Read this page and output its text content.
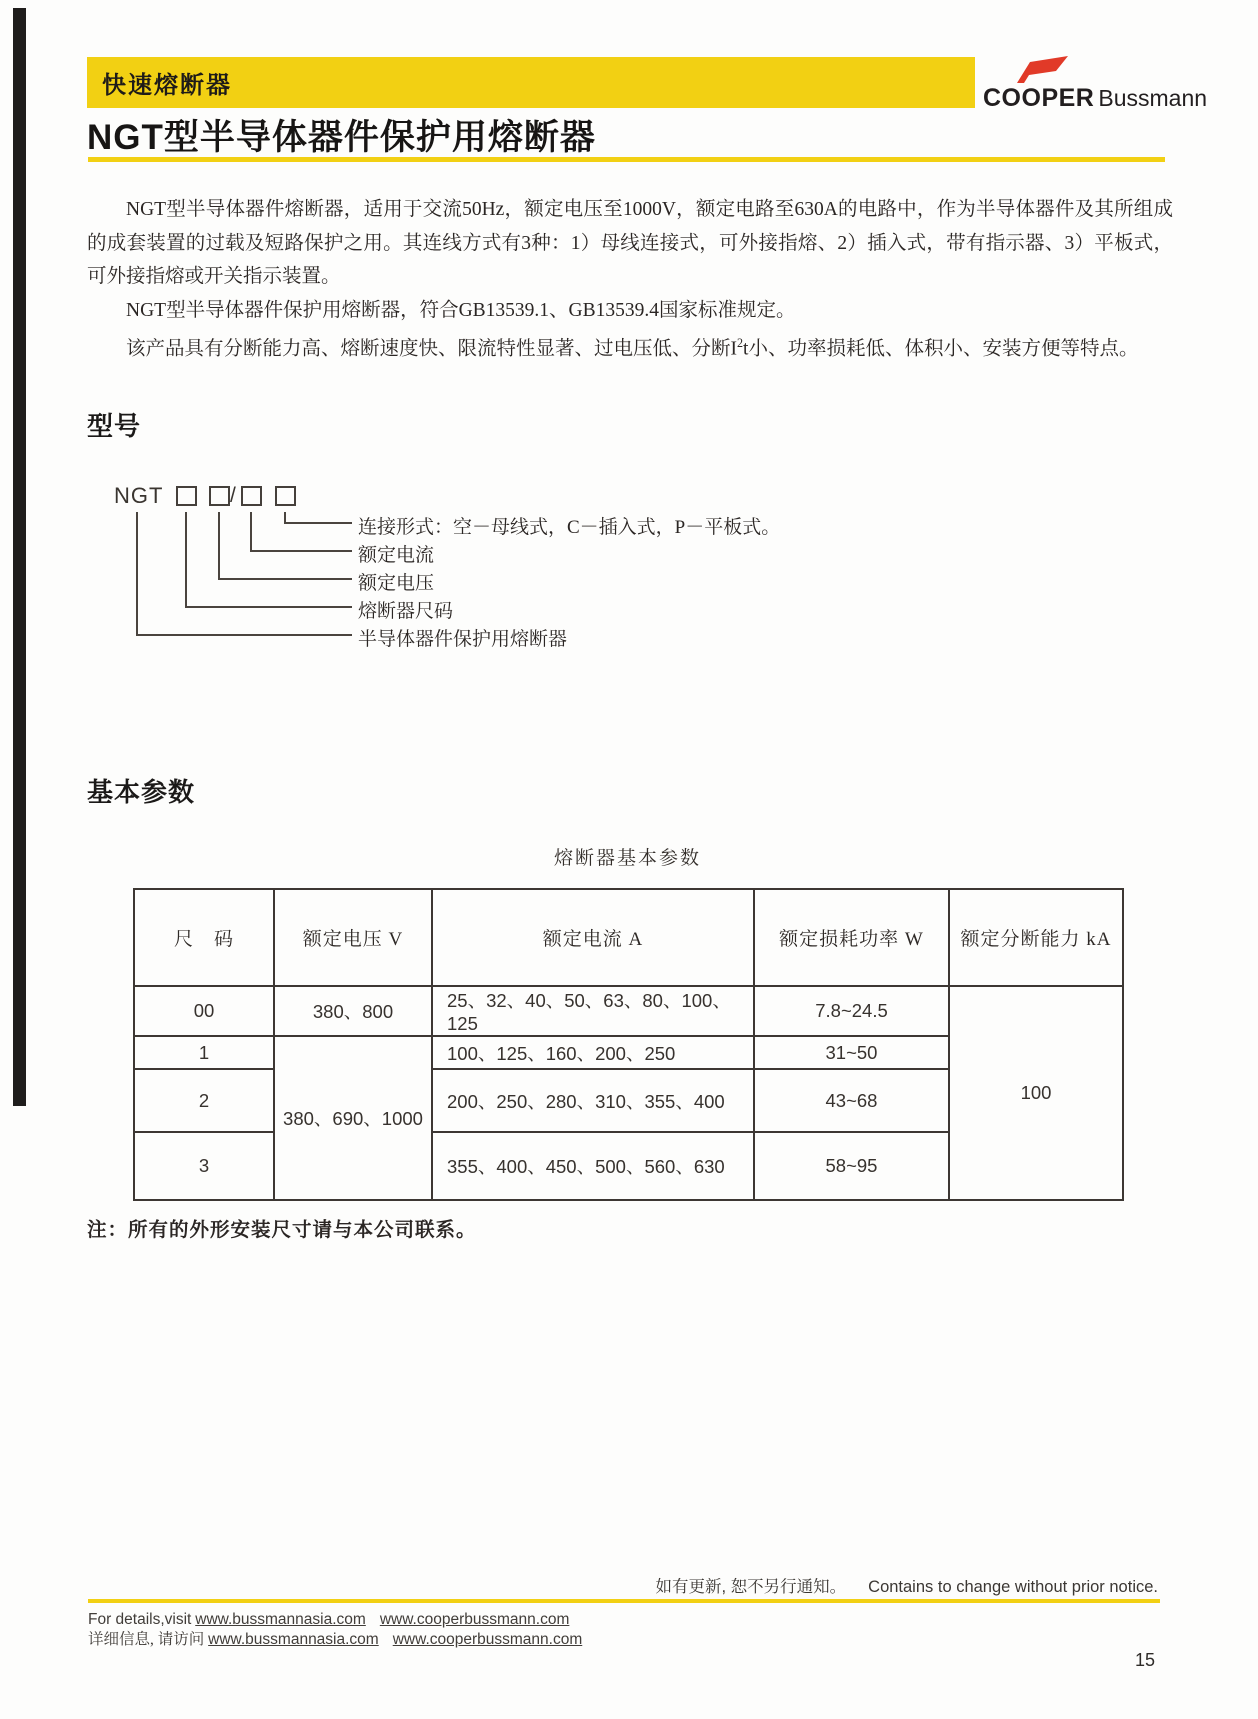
快速熔断器	COOPER Bussmann
NGT型半导体器件保护用熔断器

NGT型半导体器件熔断器，适用于交流50Hz，额定电压至1000V，额定电路至630A的电路中，作为半导体器件及其所组成的成套装置的过载及短路保护之用。其连线方式有3种：1）母线连接式，可外接指熔、2）插入式，带有指示器、3）平板式，可外接指熔或开关指示装置。

NGT型半导体器件保护用熔断器，符合GB13539.1、GB13539.4国家标准规定。

该产品具有分断能力高、熔断速度快、限流特性显著、过电压低、分断$I^2t$小、功率损耗低、体积小、安装方便等特点。

型号
NGT	/
连接形式：空－母线式，C－插入式，P－平板式。
额定电流
额定电压
熔断器尺码
半导体器件保护用熔断器
基本参数
熔断器基本参数
尺　码	额定电压 V	额定电流 A	额定损耗功率 W	额定分断能力 kA
00	380、800	25、32、40、50、63、80、100、125	7.8~24.5	100
1	380、690、1000	100、125、160、200、250	31~50	
2		200、250、280、310、355、400	43~68	
3		355、400、450、500、560、630	58~95	
注：所有的外形安装尺寸请与本公司联系。
如有更新, 恕不另行通知。 Contains to change without prior notice.
For details,visit www.bussmannasia.com www.cooperbussmann.com
详细信息, 请访问 www.bussmannasia.com www.cooperbussmann.com
15
